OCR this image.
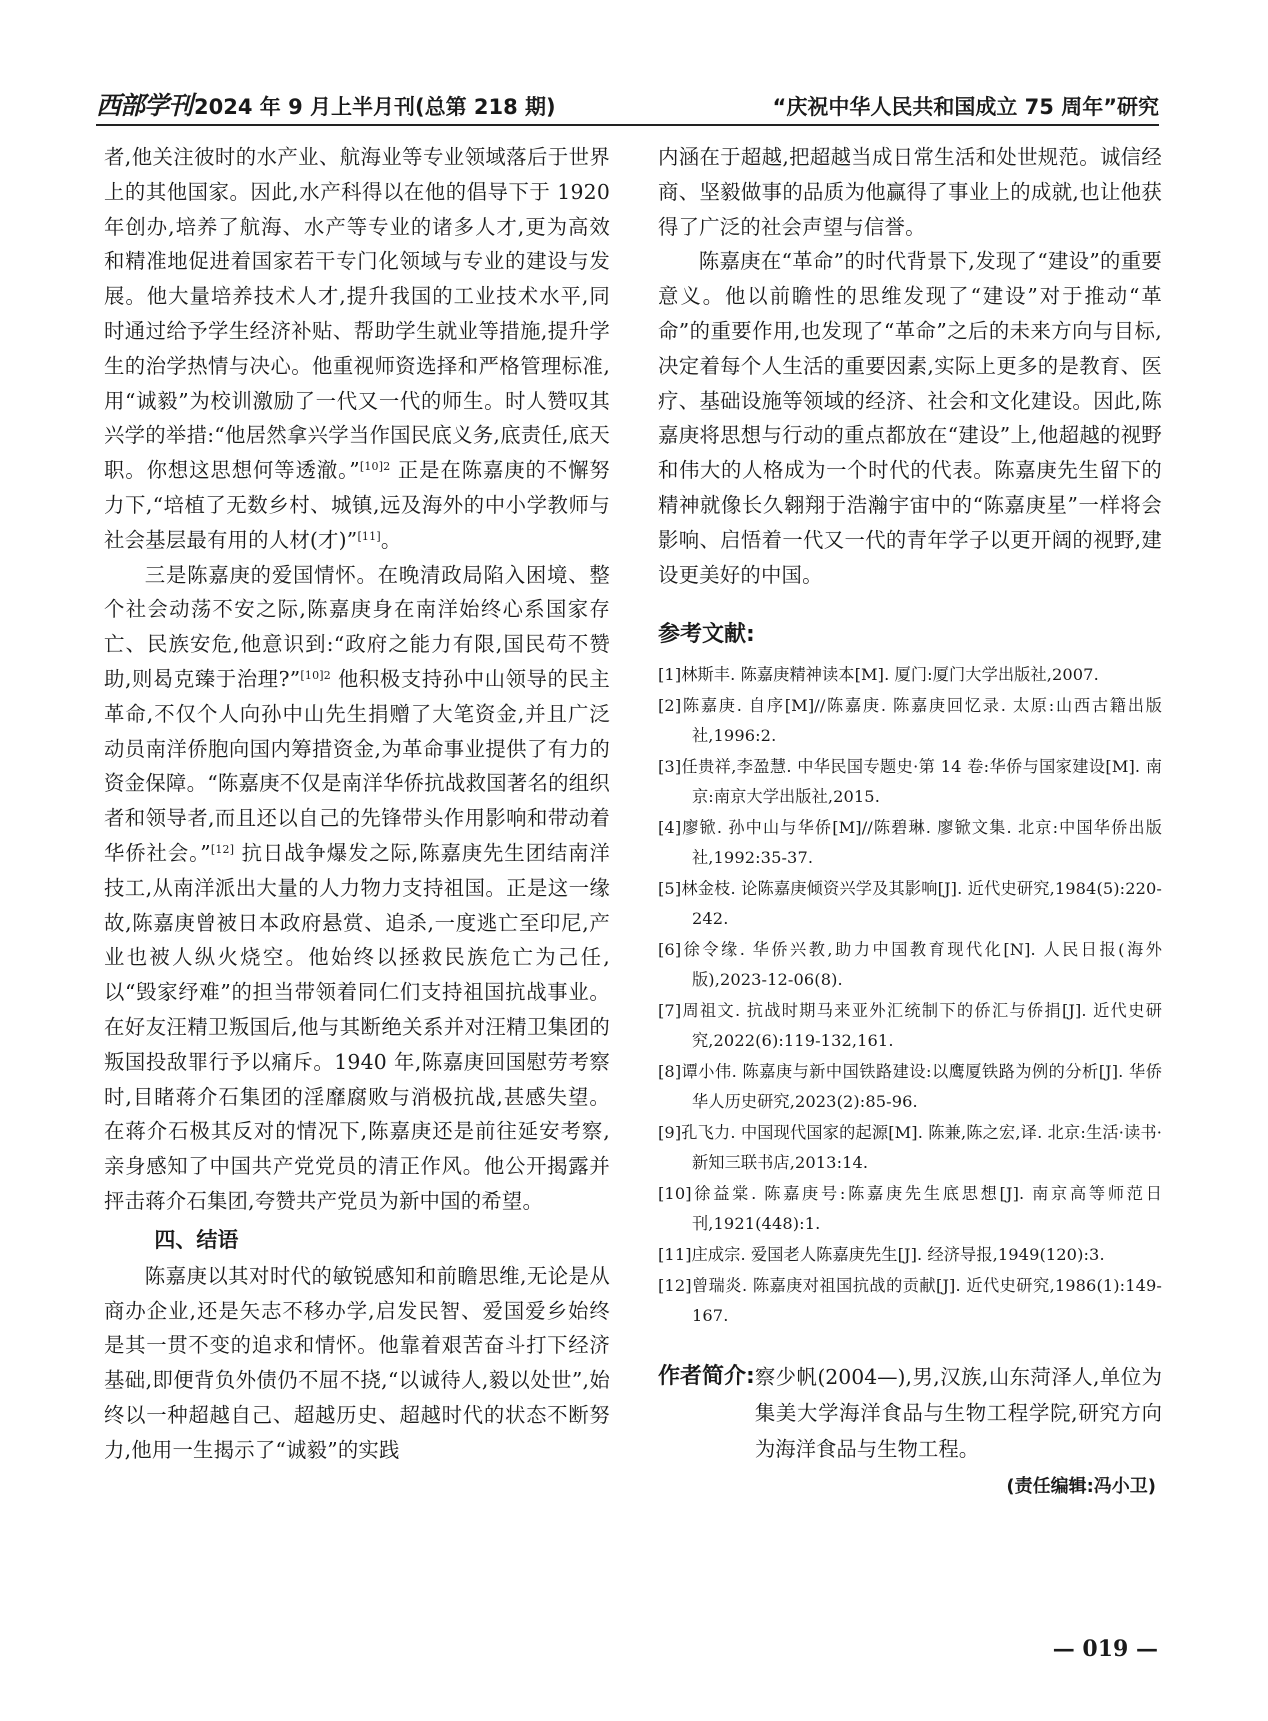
西部学刊 2024 年 9 月上半月刊(总第 218 期)	“庆祝中华人民共和国成立 75 周年”研究

者,他关注彼时的水产业、航海业等专业领域落后于世界上的其他国家。因此,水产科得以在他的倡导下于 1920 年创办,培养了航海、水产等专业的诸多人才,更为高效和精准地促进着国家若干专门化领域与专业的建设与发展。他大量培养技术人才,提升我国的工业技术水平,同时通过给予学生经济补贴、帮助学生就业等措施,提升学生的治学热情与决心。他重视师资选择和严格管理标准,用“诚毅”为校训激励了一代又一代的师生。时人赞叹其兴学的举措:“他居然拿兴学当作国民底义务,底责任,底天职。你想这思想何等透澈。”$^{[10]2}$ 正是在陈嘉庚的不懈努力下,“培植了无数乡村、城镇,远及海外的中小学教师与社会基层最有用的人材(才)”[11]。

三是陈嘉庚的爱国情怀。在晚清政局陷入困境、整个社会动荡不安之际,陈嘉庚身在南洋始终心系国家存亡、民族安危,他意识到:“政府之能力有限,国民苟不赞助,则曷克臻于治理?”$^{[10]2}$ 他积极支持孙中山领导的民主革命,不仅个人向孙中山先生捐赠了大笔资金,并且广泛动员南洋侨胞向国内筹措资金,为革命事业提供了有力的资金保障。“陈嘉庚不仅是南洋华侨抗战救国著名的组织者和领导者,而且还以自己的先锋带头作用影响和带动着华侨社会。”[12] 抗日战争爆发之际,陈嘉庚先生团结南洋技工,从南洋派出大量的人力物力支持祖国。正是这一缘故,陈嘉庚曾被日本政府悬赏、追杀,一度逃亡至印尼,产业也被人纵火烧空。他始终以拯救民族危亡为己任,以“毁家纾难”的担当带领着同仁们支持祖国抗战事业。在好友汪精卫叛国后,他与其断绝关系并对汪精卫集团的叛国投敌罪行予以痛斥。1940 年,陈嘉庚回国慰劳考察时,目睹蒋介石集团的淫靡腐败与消极抗战,甚感失望。在蒋介石极其反对的情况下,陈嘉庚还是前往延安考察,亲身感知了中国共产党党员的清正作风。他公开揭露并抨击蒋介石集团,夸赞共产党员为新中国的希望。

四、结语

陈嘉庚以其对时代的敏锐感知和前瞻思维,无论是从商办企业,还是矢志不移办学,启发民智、爱国爱乡始终是其一贯不变的追求和情怀。他靠着艰苦奋斗打下经济基础,即便背负外债仍不屈不挠,“以诚待人,毅以处世”,始终以一种超越自己、超越历史、超越时代的状态不断努力,他用一生揭示了“诚毅”的实践

内涵在于超越,把超越当成日常生活和处世规范。诚信经商、坚毅做事的品质为他赢得了事业上的成就,也让他获得了广泛的社会声望与信誉。

陈嘉庚在“革命”的时代背景下,发现了“建设”的重要意义。他以前瞻性的思维发现了“建设”对于推动“革命”的重要作用,也发现了“革命”之后的未来方向与目标,决定着每个人生活的重要因素,实际上更多的是教育、医疗、基础设施等领域的经济、社会和文化建设。因此,陈嘉庚将思想与行动的重点都放在“建设”上,他超越的视野和伟大的人格成为一个时代的代表。陈嘉庚先生留下的精神就像长久翱翔于浩瀚宇宙中的“陈嘉庚星”一样将会影响、启悟着一代又一代的青年学子以更开阔的视野,建设更美好的中国。

参考文献:
[1]林斯丰. 陈嘉庚精神读本[M]. 厦门:厦门大学出版社,2007.
[2]陈嘉庚. 自序[M]//陈嘉庚. 陈嘉庚回忆录. 太原:山西古籍出版社,1996:2.
[3]任贵祥,李盈慧. 中华民国专题史·第 14 卷:华侨与国家建设[M]. 南京:南京大学出版社,2015.
[4]廖锨. 孙中山与华侨[M]//陈碧琳. 廖锨文集. 北京:中国华侨出版社,1992:35-37.
[5]林金枝. 论陈嘉庚倾资兴学及其影响[J]. 近代史研究,1984(5):220-242.
[6]徐令缘. 华侨兴教,助力中国教育现代化[N]. 人民日报(海外版),2023-12-06(8).
[7]周祖文. 抗战时期马来亚外汇统制下的侨汇与侨捐[J]. 近代史研究,2022(6):119-132,161.
[8]谭小伟. 陈嘉庚与新中国铁路建设:以鹰厦铁路为例的分析[J]. 华侨华人历史研究,2023(2):85-96.
[9]孔飞力. 中国现代国家的起源[M]. 陈兼,陈之宏,译. 北京:生活·读书·新知三联书店,2013:14.
[10]徐益棠. 陈嘉庚号:陈嘉庚先生底思想[J]. 南京高等师范日刊,1921(448):1.
[11]庄成宗. 爱国老人陈嘉庚先生[J]. 经济导报,1949(120):3.
[12]曾瑞炎. 陈嘉庚对祖国抗战的贡献[J]. 近代史研究,1986(1):149-167.
作者简介: 察少帆(2004—),男,汉族,山东菏泽人,单位为集美大学海洋食品与生物工程学院,研究方向为海洋食品与生物工程。
(责任编辑:冯小卫)
— 019 —
